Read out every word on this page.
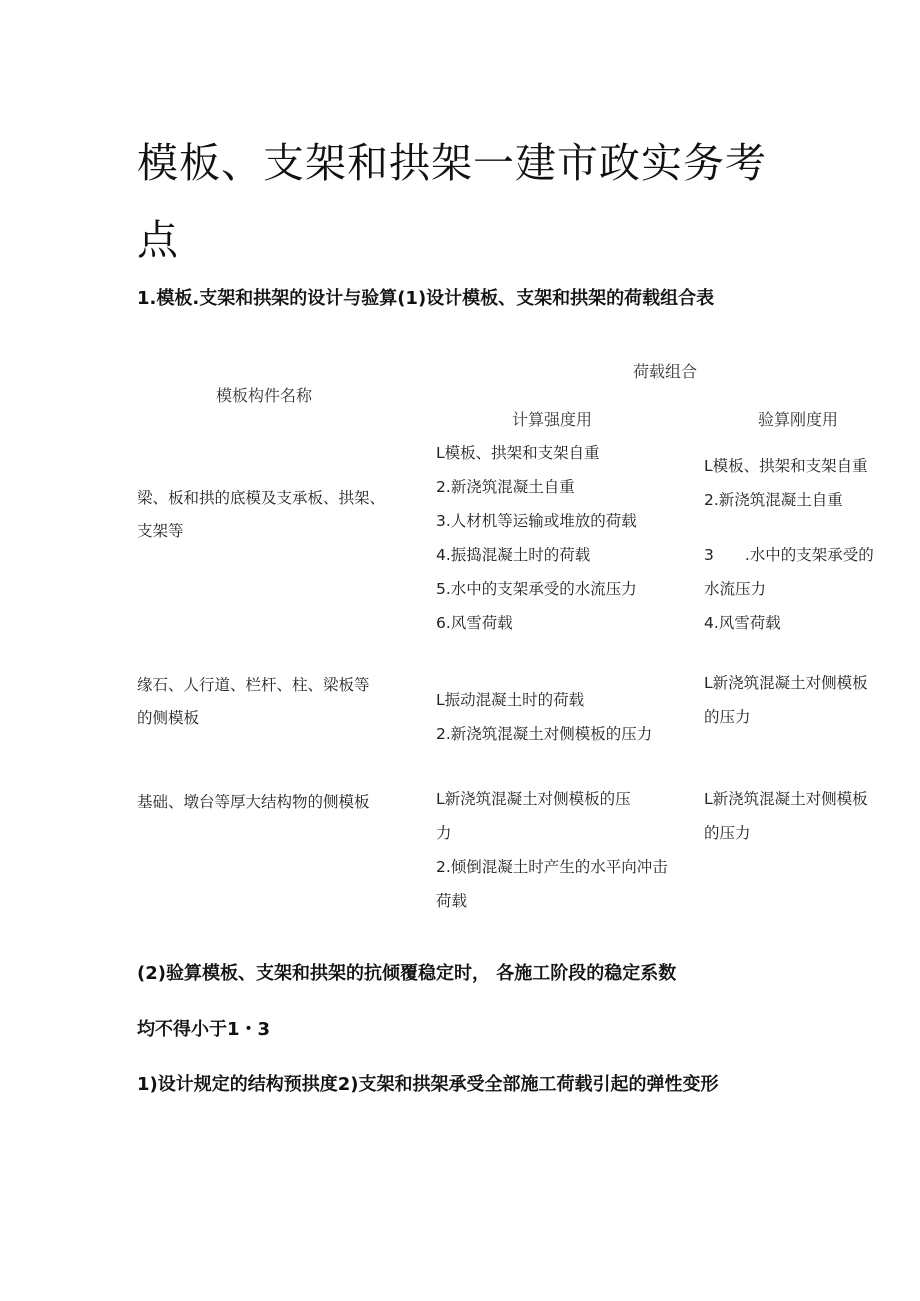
模板、支架和拱架一建市政实务考
点
1.模板.支架和拱架的设计与验算(1)设计模板、支架和拱架的荷载组合表
模板构件名称
荷载组合
计算强度用	验算刚度用
梁、板和拱的底模及支承板、拱架、
支架等
L模板、拱架和支架自重
2.新浇筑混凝土自重
3.人材机等运输或堆放的荷载
4.振捣混凝土时的荷载
5.水中的支架承受的水流压力
6.风雪荷载
L模板、拱架和支架自重
2.新浇筑混凝土自重
3　　.水中的支架承受的
水流压力
4.风雪荷载
缘石、人行道、栏杆、柱、梁板等
的侧模板
L振动混凝土时的荷载
2.新浇筑混凝土对侧模板的压力
L新浇筑混凝土对侧模板
的压力
基础、墩台等厚大结构物的侧模板	L新浇筑混凝土对侧模板的压
力
2.倾倒混凝土时产生的水平向冲击
荷载
L新浇筑混凝土对侧模板
的压力
(2)验算模板、支架和拱架的抗倾覆稳定时， 各施工阶段的稳定系数
均不得小于1・3
1)设计规定的结构预拱度2)支架和拱架承受全部施工荷载引起的弹性变形
